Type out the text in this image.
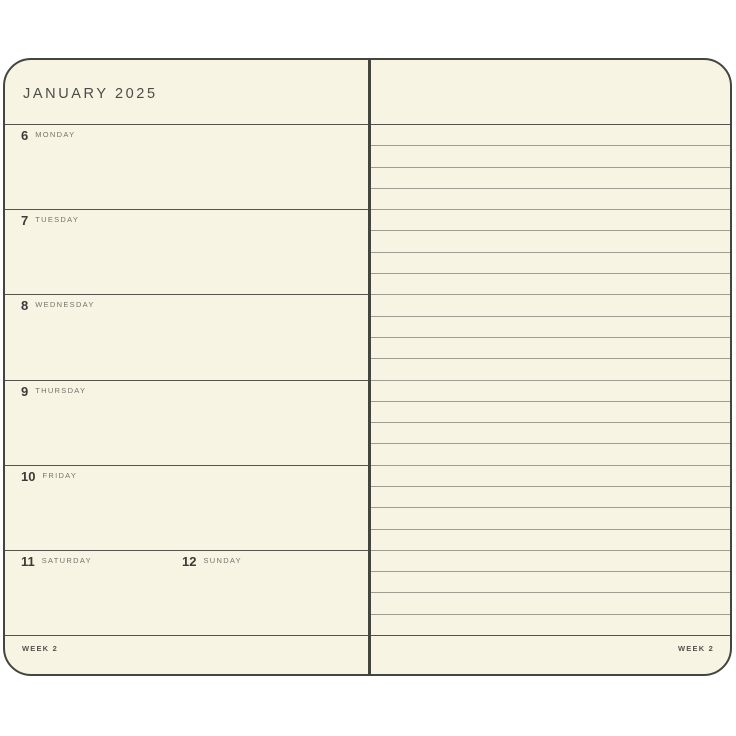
JANUARY 2025
6 MONDAY
7 TUESDAY
8 WEDNESDAY
9 THURSDAY
10 FRIDAY
11 SATURDAY	12 SUNDAY
WEEK 2	WEEK 2
